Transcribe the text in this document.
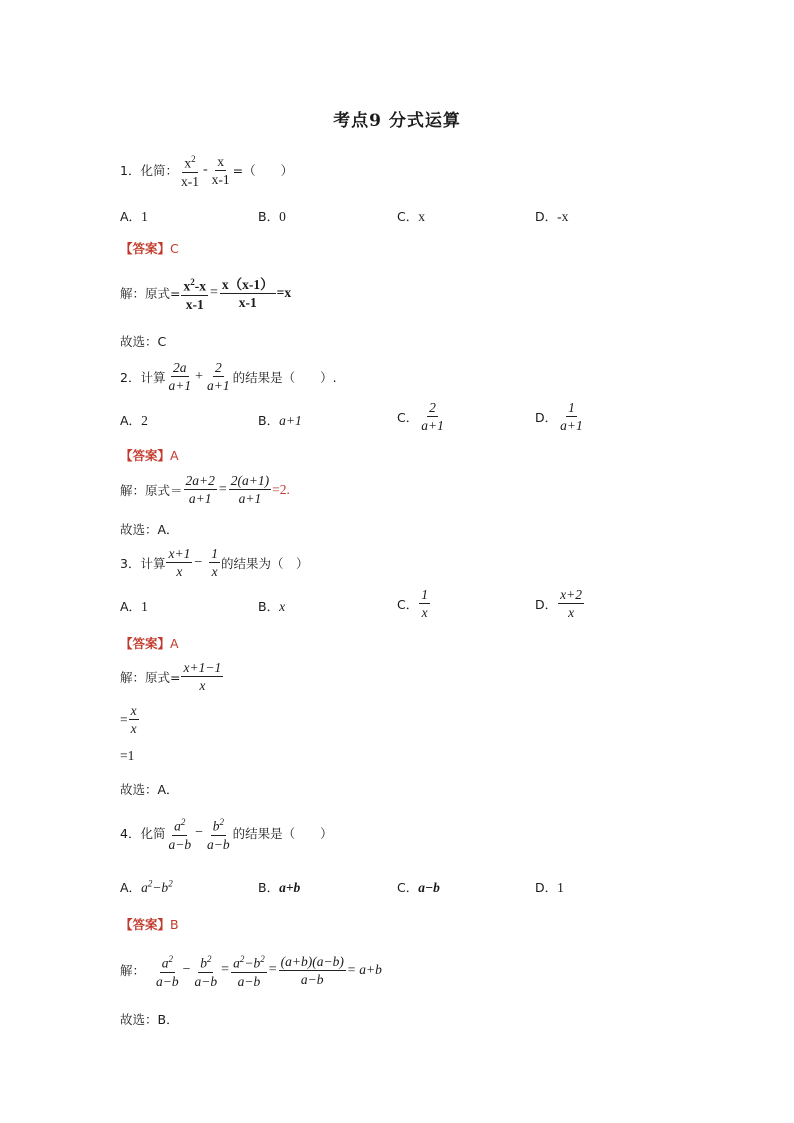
考点9 分式运算
1． 化简： $\frac{x^2}{x-1} - \frac{x}{x-1}$ =（　　）
A．1	B．0	C．x	D．-x
【答案】C
解：原式= $\frac{x^2-x}{x-1} = \frac{x(x-1)}{x-1} =x$
故选：C
2． 计算 $\frac{2a}{a+1} + \frac{2}{a+1}$ 的结果是（　　）.
A．2	B．a+1	C． $\frac{2}{a+1}$	D． $\frac{1}{a+1}$
【答案】A
解：原式＝ $\frac{2a+2}{a+1} = \frac{2(a+1)}{a+1} =2$.
故选：A．
3． 计算 $\frac{x+1}{x} - \frac{1}{x}$ 的结果为（　）
A．1	B．x	C． $\frac{1}{x}$	D． $\frac{x+2}{x}$
【答案】A
解：原式= $\frac{x+1-1}{x}$
= $\frac{x}{x}$
=1
故选：A．
4． 化简 $\frac{a^2}{a-b} - \frac{b^2}{a-b}$ 的结果是（　　）
A．$a^2-b^2$	B．a+b	C．a−b	D．1
【答案】B
解： $\frac{a^2}{a-b} - \frac{b^2}{a-b} = \frac{a^2-b^2}{a-b} = \frac{(a+b)(a-b)}{a-b} = a+b$
故选：B．
